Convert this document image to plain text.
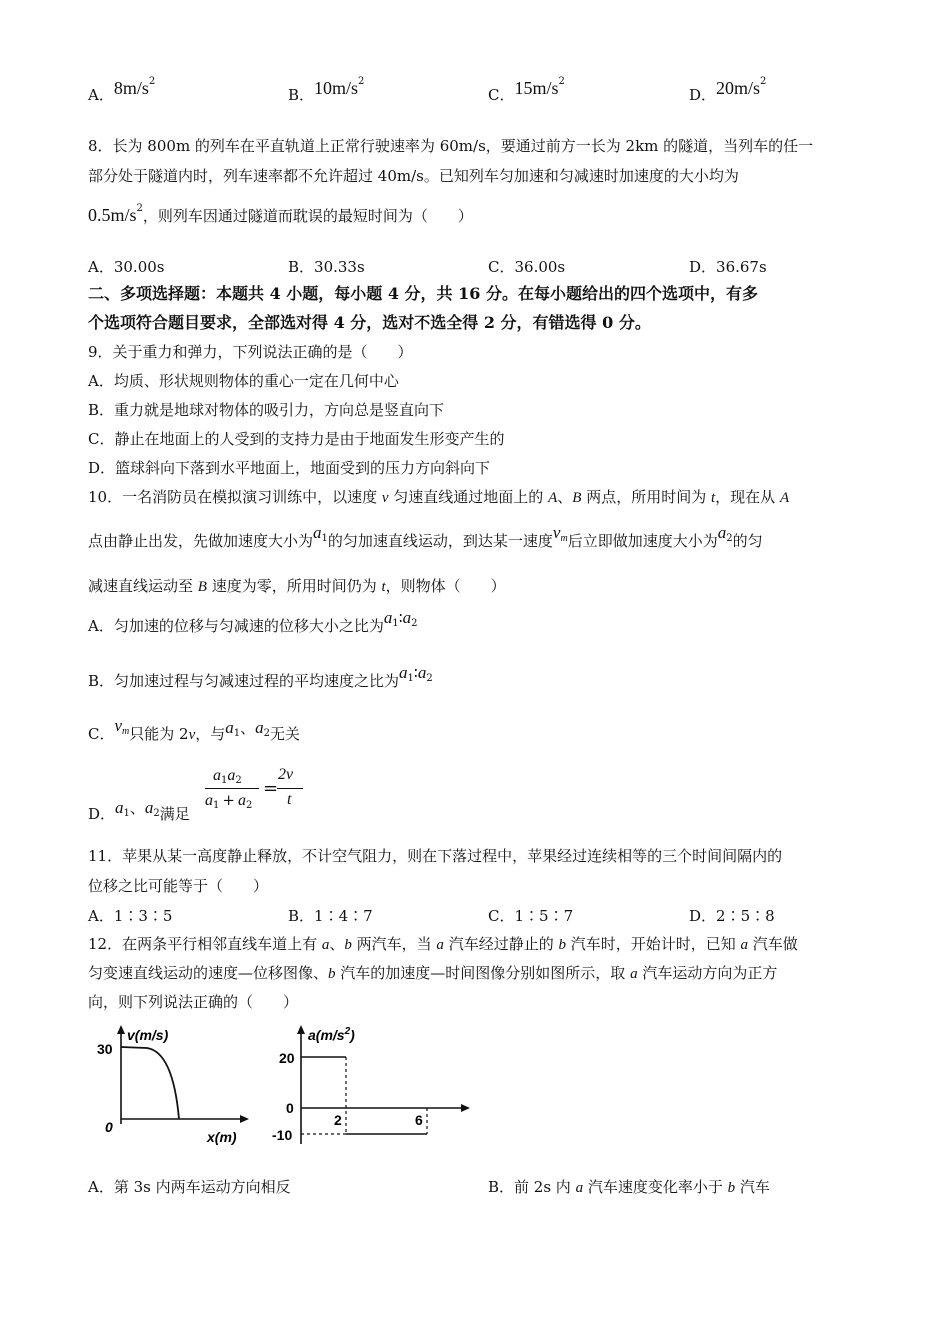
A．$8m/s^2$
B．$10m/s^2$
C．$15m/s^2$
D．$20m/s^2$
8．长为 800m 的列车在平直轨道上正常行驶速率为 60m/s，要通过前方一长为 2km 的隧道，当列车的任一
部分处于隧道内时，列车速率都不允许超过 40m/s。已知列车匀加速和匀减速时加速度的大小均为
$0.5m/s^2$，则列车因通过隧道而耽误的最短时间为（　　）
A．30.00s	B．30.33s	C．36.00s	D．36.67s
二、多项选择题：本题共 4 小题，每小题 4 分，共 16 分。在每小题给出的四个选项中，有多
个选项符合题目要求，全部选对得 4 分，选对不选全得 2 分，有错选得 0 分。
9．关于重力和弹力，下列说法正确的是（　　）
A．均质、形状规则物体的重心一定在几何中心
B．重力就是地球对物体的吸引力，方向总是竖直向下
C．静止在地面上的人受到的支持力是由于地面发生形变产生的
D．篮球斜向下落到水平地面上，地面受到的压力方向斜向下
10．一名消防员在模拟演习训练中，以速度 v 匀速直线通过地面上的 A、B 两点，所用时间为 t，现在从 A
点由静止出发，先做加速度大小为$a^1$的匀加速直线运动，到达某一速度$v^m$后立即做加速度大小为$a^2$的匀
减速直线运动至 B 速度为零，所用时间仍为 t，则物体（　　）
A．匀加速的位移与匀减速的位移大小之比为$a_1∶a_2$
B．匀加速过程与匀减速过程的平均速度之比为$a_1∶a_2$
C．$v_m$只能为 2v，与$a_1$、$a_2$无关
D．$a_1$、$a_2$满足
$a_1a_2$
$a_1 + a_2$
=
2v
t
11．苹果从某一高度静止释放，不计空气阻力，则在下落过程中，苹果经过连续相等的三个时间间隔内的
位移之比可能等于（　　）
A．1∶3∶5	B．1∶4∶7	C．1∶5∶7	D．2∶5∶8
12．在两条平行相邻直线车道上有 a、b 两汽车，当 a 汽车经过静止的 b 汽车时，开始计时，已知 a 汽车做
匀变速直线运动的速度—位移图像、b 汽车的加速度—时间图像分别如图所示，取 a 汽车运动方向为正方
向，则下列说法正确的（　　）
v(m/s)
30
0
x(m)
$a(m/s^2)$
20
0
-10
2	6
A．第 3s 内两车运动方向相反	B．前 2s 内 a 汽车速度变化率小于 b 汽车
